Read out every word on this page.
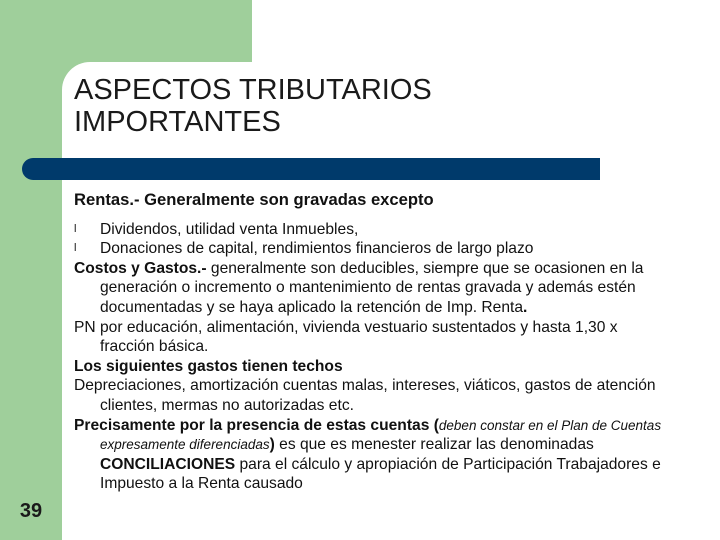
ASPECTOS TRIBUTARIOS
IMPORTANTES
39

Rentas.- Generalmente son gravadas excepto

l Dividendos, utilidad venta Inmuebles,
l Donaciones de capital, rendimientos financieros de largo plazo

Costos y Gastos.- generalmente son deducibles, siempre que se ocasionen en la generación o incremento o mantenimiento de rentas gravada y además estén documentadas y se haya aplicado la retención de Imp. Renta.

PN por educación, alimentación, vivienda vestuario sustentados y hasta 1,30 x fracción básica.

Los siguientes gastos tienen techos

Depreciaciones, amortización cuentas malas, intereses, viáticos, gastos de atención clientes, mermas no autorizadas etc.

Precisamente por la presencia de estas cuentas (deben constar en el Plan de Cuentas expresamente diferenciadas) es que es menester realizar las denominadas CONCILIACIONES para el cálculo y apropiación de Participación Trabajadores e Impuesto a la Renta causado
